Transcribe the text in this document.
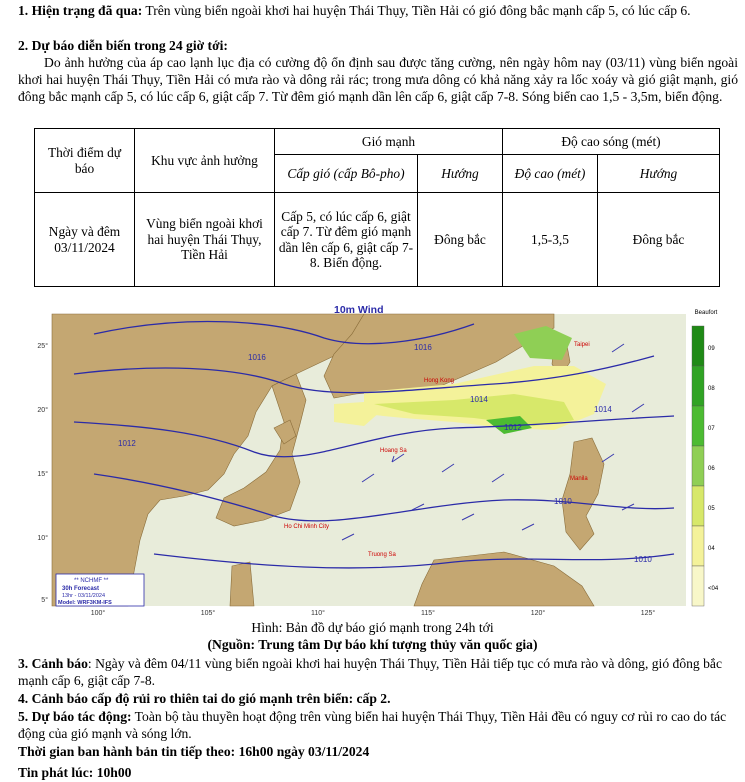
1. Hiện trạng đã qua: Trên vùng biển ngoài khơi hai huyện Thái Thụy, Tiền Hải có gió đông bắc mạnh cấp 5, có lúc cấp 6.

2. Dự báo diễn biến trong 24 giờ tới:

Do ảnh hưởng của áp cao lạnh lục địa có cường độ ổn định sau được tăng cường, nên ngày hôm nay (03/11) vùng biển ngoài khơi hai huyện Thái Thụy, Tiền Hải có mưa rào và dông rải rác; trong mưa dông có khả năng xảy ra lốc xoáy và gió giật mạnh, gió đông bắc mạnh cấp 5, có lúc cấp 6, giật cấp 7. Từ đêm gió mạnh dần lên cấp 6, giật cấp 7-8. Sóng biển cao 1,5 - 3,5m, biển động.

Thời điểm dự báo	Khu vực ảnh hưởng	Gió mạnh		Độ cao sóng (mét)	
		Cấp gió (cấp Bô-pho)	Hướng	Độ cao (mét)	Hướng
Ngày và đêm 03/11/2024	Vùng biển ngoài khơi hai huyện Thái Thụy, Tiền Hải	Cấp 5, có lúc cấp 6, giật cấp 7. Từ đêm gió mạnh dần lên cấp 6, giật cấp 7-8. Biển động.	Đông bắc	1,5-3,5	Đông bắc
1016
1016
1014
1012
1012
1010
1010
1014
Hong Kong
Taipei
Hoang Sa
Truong Sa
Ho Chi Minh City
Manila
10m Wind
25°
20°
15°
10°
5°
100°	105°	110°	115°	120°	125°
Beaufort
09
08
07
06
05
04
<04
** NCHMF **
30h Forecast
13hr - 03/11/2024
Model: WRF3KM-IFS

Hình: Bản đồ dự báo gió mạnh trong 24h tới

(Nguồn: Trung tâm Dự báo khí tượng thủy văn quốc gia)

3. Cảnh báo: Ngày và đêm 04/11 vùng biển ngoài khơi hai huyện Thái Thụy, Tiền Hải tiếp tục có mưa rào và dông, gió đông bắc mạnh cấp 6, giật cấp 7-8.

4. Cảnh báo cấp độ rủi ro thiên tai do gió mạnh trên biển: cấp 2.

5. Dự báo tác động: Toàn bộ tàu thuyền hoạt động trên vùng biển hai huyện Thái Thụy, Tiền Hải đều có nguy cơ rủi ro cao do tác động của gió mạnh và sóng lớn.

Thời gian ban hành bản tin tiếp theo: 16h00 ngày 03/11/2024

Tin phát lúc: 10h00
